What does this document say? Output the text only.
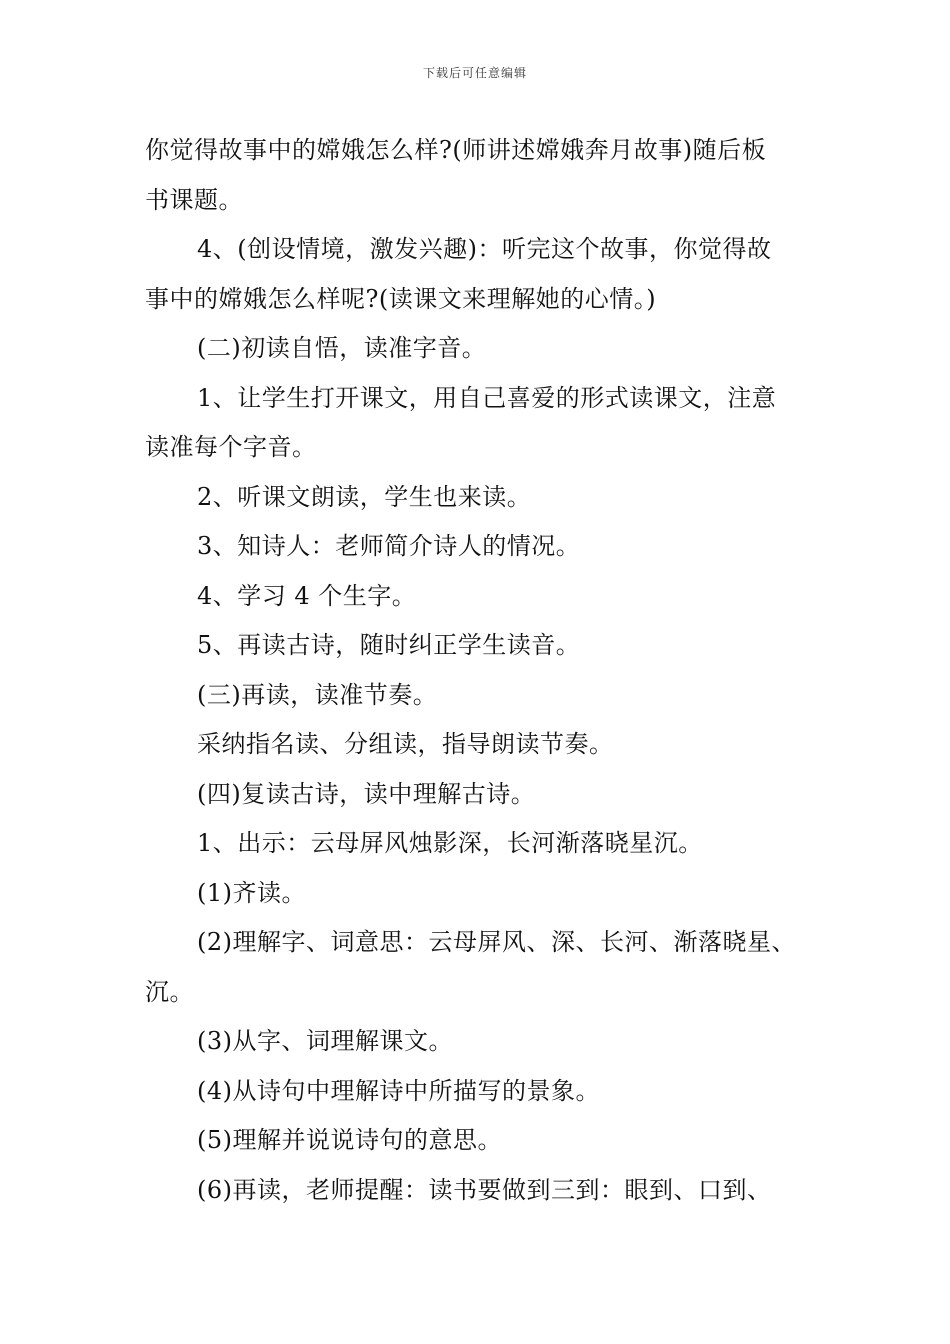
下载后可任意编辑
你觉得故事中的嫦娥怎么样?(师讲述嫦娥奔月故事)随后板
书课题。
4、(创设情境，激发兴趣)：听完这个故事，你觉得故
事中的嫦娥怎么样呢?(读课文来理解她的心情。)
(二)初读自悟，读准字音。
1、让学生打开课文，用自己喜爱的形式读课文，注意
读准每个字音。
2、听课文朗读，学生也来读。
3、知诗人：老师简介诗人的情况。
4、学习 4 个生字。
5、再读古诗，随时纠正学生读音。
(三)再读，读准节奏。
采纳指名读、分组读，指导朗读节奏。
(四)复读古诗，读中理解古诗。
1、出示：云母屏风烛影深，长河渐落晓星沉。
(1)齐读。
(2)理解字、词意思：云母屏风、深、长河、渐落晓星、
沉。
(3)从字、词理解课文。
(4)从诗句中理解诗中所描写的景象。
(5)理解并说说诗句的意思。
(6)再读，老师提醒：读书要做到三到：眼到、口到、
